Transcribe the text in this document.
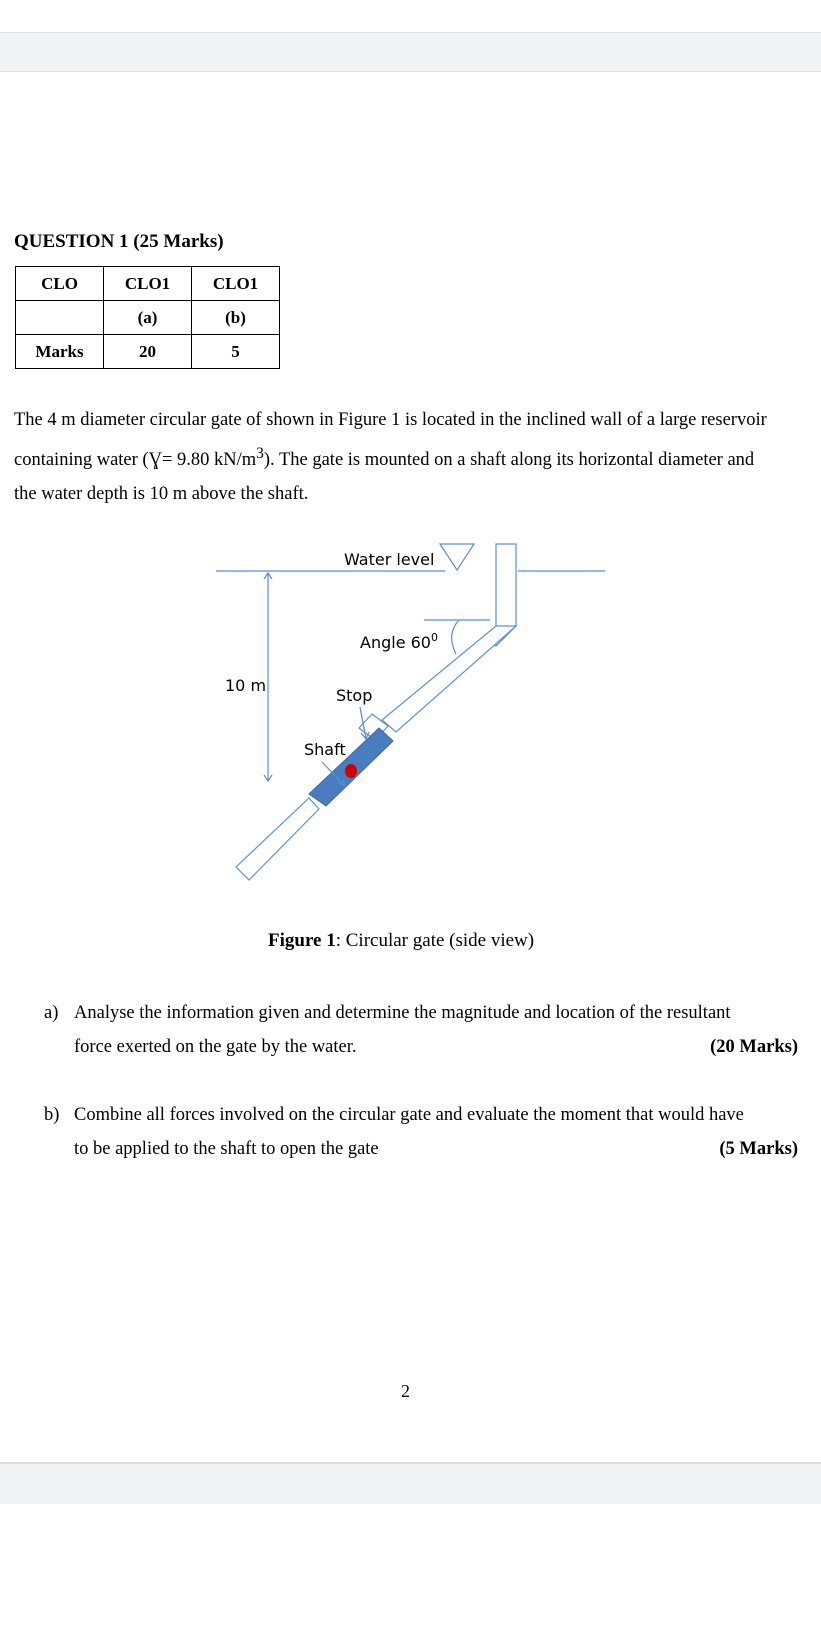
QUESTION 1 (25 Marks)
CLO	CLO1	CLO1
	(a)	(b)
Marks	20	5
The 4 m diameter circular gate of shown in Figure 1 is located in the inclined wall of a large reservoir
containing water (Ɣ= 9.80 $kN/m^3$). The gate is mounted on a shaft along its horizontal diameter and
the water depth is 10 m above the shaft.
Water level
10 m
Angle $60^0$
Stop
Shaft
Figure 1: Circular gate (side view)
a) Analyse the information given and determine the magnitude and location of the resultant
force exerted on the gate by the water.	(20 Marks)
b) Combine all forces involved on the circular gate and evaluate the moment that would have
to be applied to the shaft to open the gate	(5 Marks)
2
